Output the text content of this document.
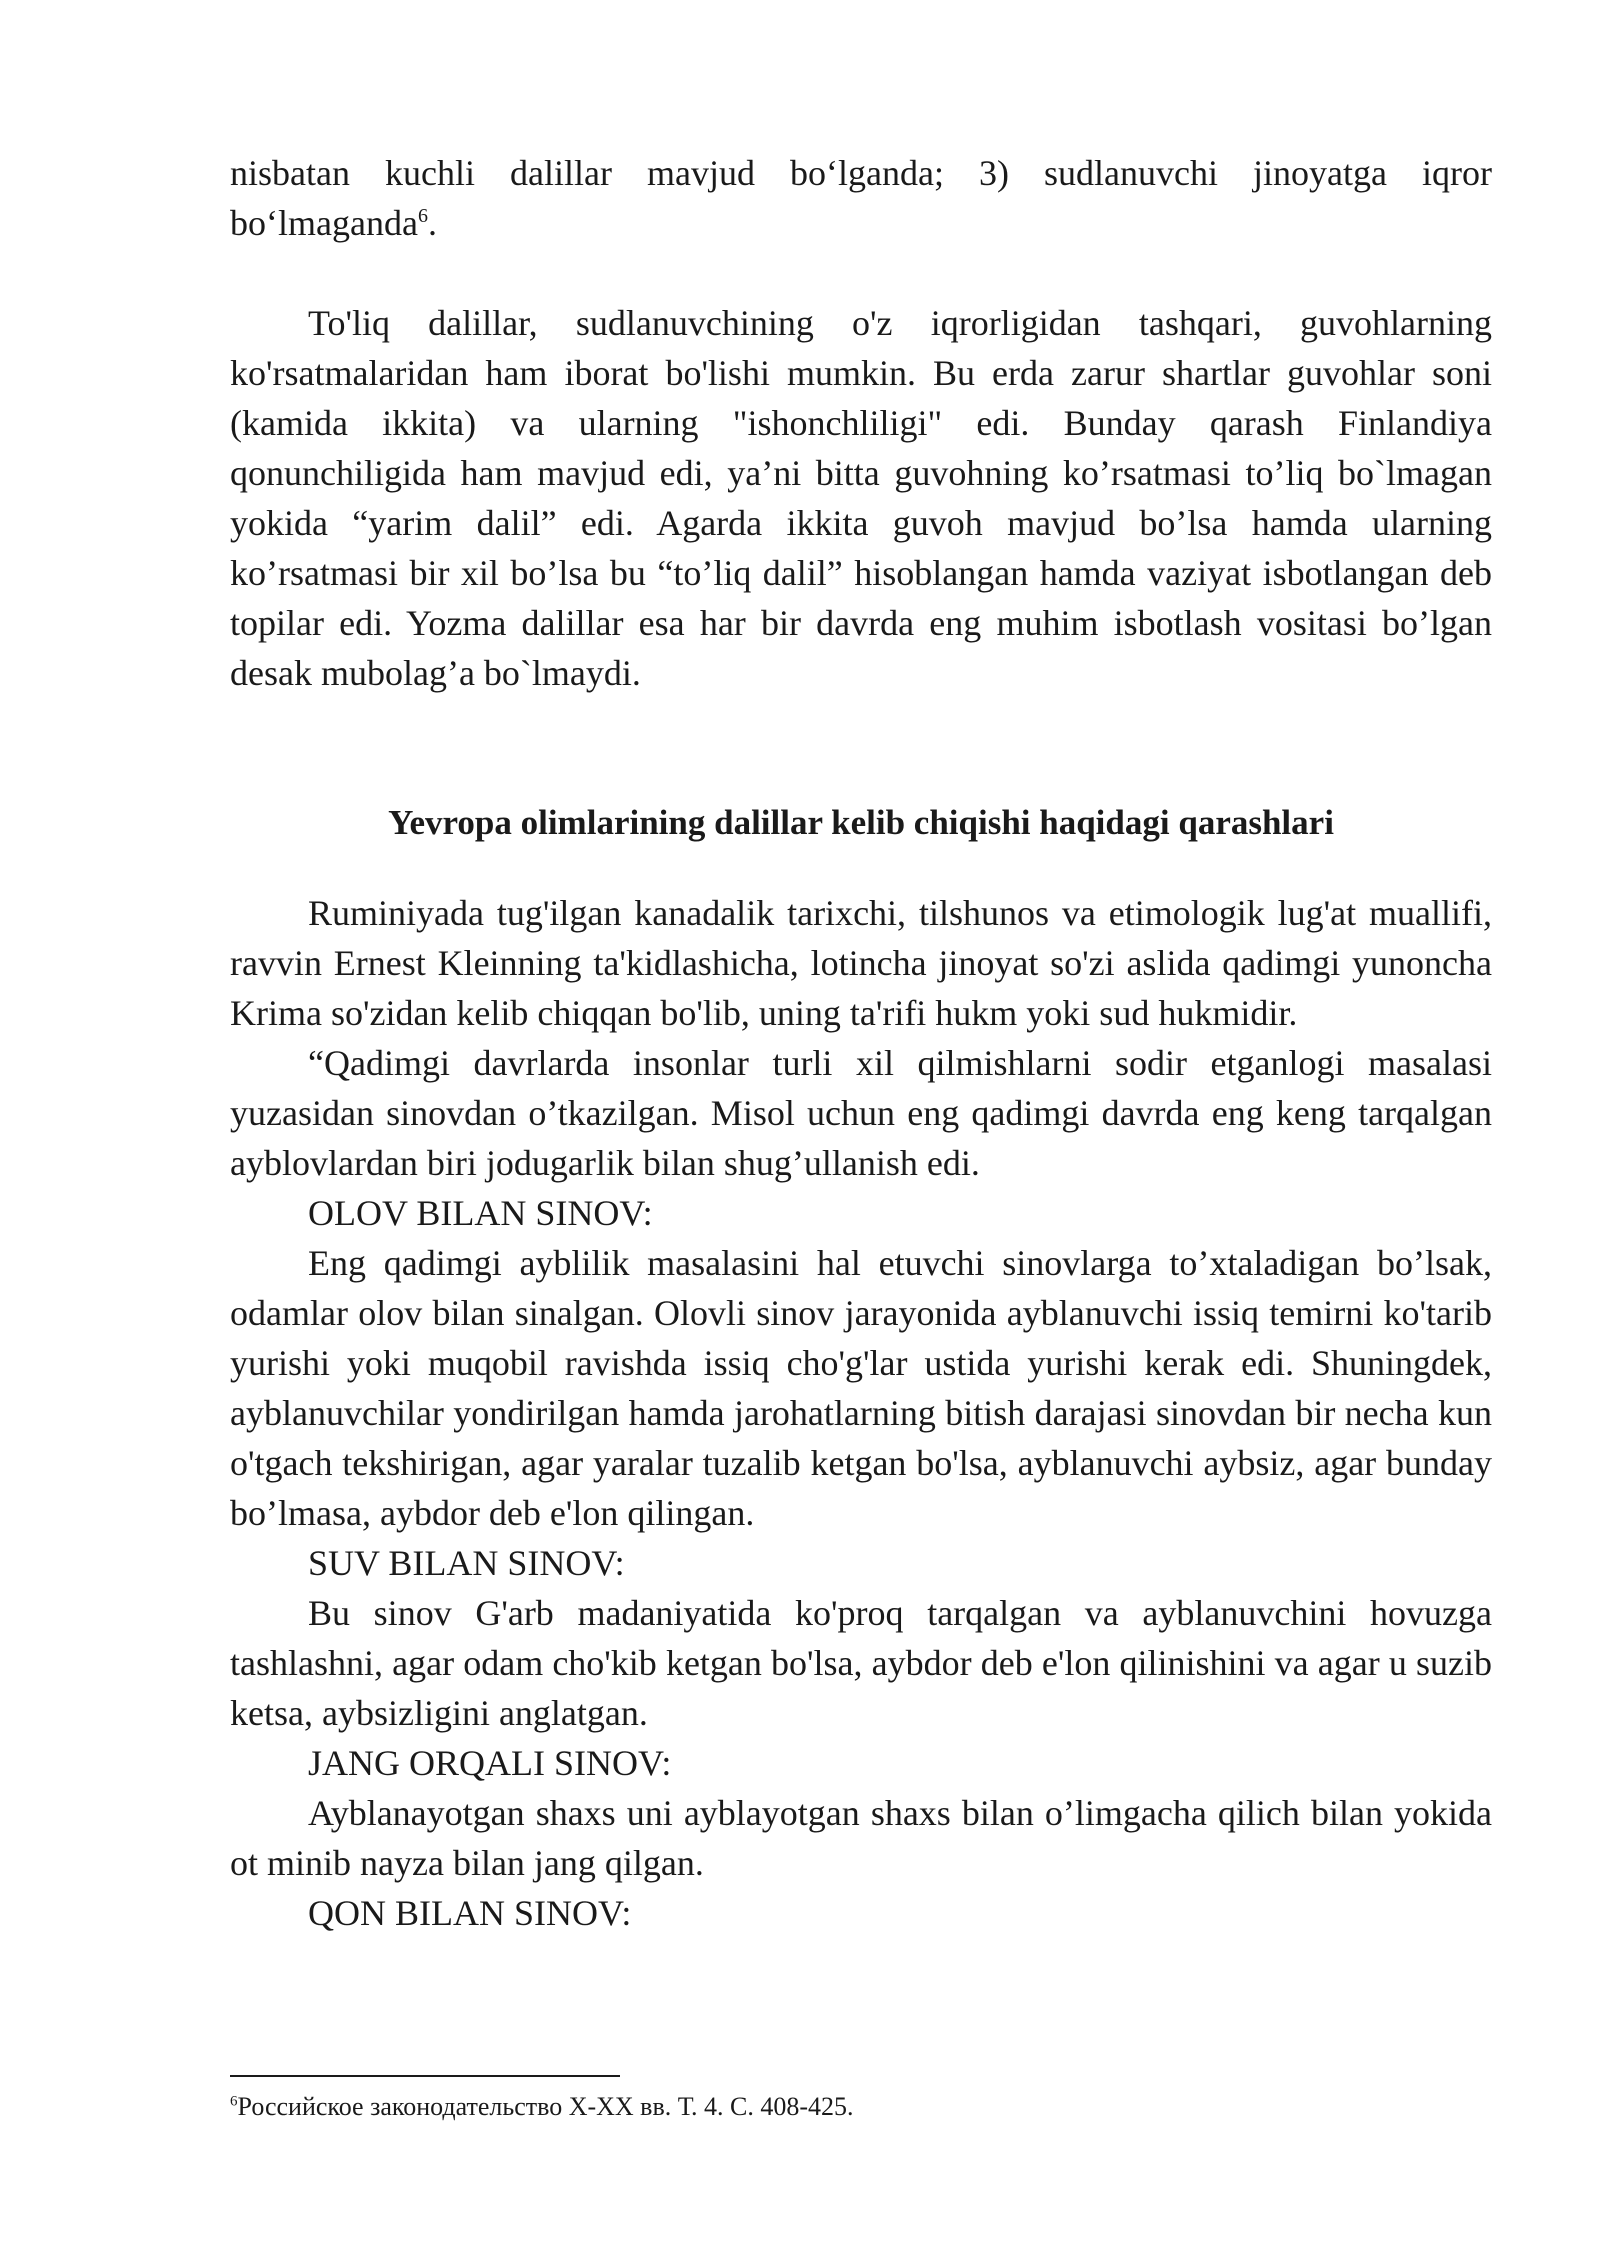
nisbatan kuchli dalillar mavjud bo‘lganda; 3) sudlanuvchi jinoyatga iqror bo‘lmaganda$^6$.

To'liq dalillar, sudlanuvchining o'z iqrorligidan tashqari, guvohlarning ko'rsatmalaridan ham iborat bo'lishi mumkin. Bu erda zarur shartlar guvohlar soni (kamida ikkita) va ularning "ishonchliligi" edi. Bunday qarash Finlandiya qonunchiligida ham mavjud edi, ya’ni bitta guvohning ko’rsatmasi to’liq bo`lmagan yokida “yarim dalil” edi. Agarda ikkita guvoh mavjud bo’lsa hamda ularning ko’rsatmasi bir xil bo’lsa bu “to’liq dalil” hisoblangan hamda vaziyat isbotlangan deb topilar edi. Yozma dalillar esa har bir davrda eng muhim isbotlash vositasi bo’lgan desak mubolag’a bo`lmaydi.

Yevropa olimlarining dalillar kelib chiqishi haqidagi qarashlari

Ruminiyada tug'ilgan kanadalik tarixchi, tilshunos va etimologik lug'at muallifi, ravvin Ernest Kleinning ta'kidlashicha, lotincha jinoyat so'zi aslida qadimgi yunoncha Krima so'zidan kelib chiqqan bo'lib, uning ta'rifi hukm yoki sud hukmidir.

“Qadimgi davrlarda insonlar turli xil qilmishlarni sodir etganlogi masalasi yuzasidan sinovdan o’tkazilgan. Misol uchun eng qadimgi davrda eng keng tarqalgan ayblovlardan biri jodugarlik bilan shug’ullanish edi.

OLOV BILAN SINOV:

Eng qadimgi ayblilik masalasini hal etuvchi sinovlarga to’xtaladigan bo’lsak, odamlar olov bilan sinalgan. Olovli sinov jarayonida ayblanuvchi issiq temirni ko'tarib yurishi yoki muqobil ravishda issiq cho'g'lar ustida yurishi kerak edi. Shuningdek, ayblanuvchilar yondirilgan hamda jarohatlarning bitish darajasi sinovdan bir necha kun o'tgach tekshirigan, agar yaralar tuzalib ketgan bo'lsa, ayblanuvchi aybsiz, agar bunday bo’lmasa, aybdor deb e'lon qilingan.

SUV BILAN SINOV:

Bu sinov G'arb madaniyatida ko'proq tarqalgan va ayblanuvchini hovuzga tashlashni, agar odam cho'kib ketgan bo'lsa, aybdor deb e'lon qilinishini va agar u suzib ketsa, aybsizligini anglatgan.

JANG ORQALI SINOV:

Ayblanayotgan shaxs uni ayblayotgan shaxs bilan o’limgacha qilich bilan yokida ot minib nayza bilan jang qilgan.

QON BILAN SINOV:

$^6$Российское законодательство X-XX вв. Т. 4. С. 408-425.
